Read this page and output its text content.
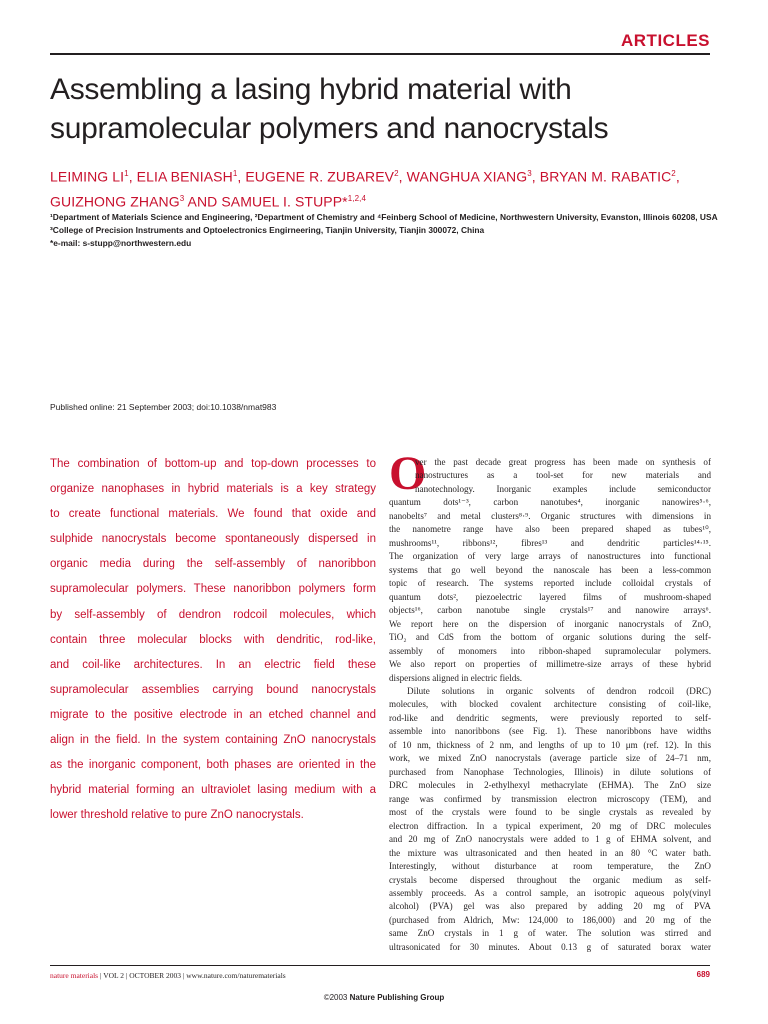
ARTICLES
Assembling a lasing hybrid material with
supramolecular polymers and nanocrystals
LEIMING $LI^1$, ELIA BENIASH$^1$, EUGENE R. ZUBAREV$^2$, WANGHUA XIANG$^3$, BRYAN M. RABATIC$^2$,
GUIZHONG ZHANG$^3$ AND SAMUEL I. STUPP*$^{1,2,4}$
¹Department of Materials Science and Engineering, ²Department of Chemistry and ⁴Feinberg School of Medicine, Northwestern University, Evanston, Illinois 60208, USA
³College of Precision Instruments and Optoelectronics Engirneering, Tianjin University, Tianjin 300072, China
*e-mail: s-stupp@northwestern.edu
Published online: 21 September 2003; doi:10.1038/nmat983
The combination of bottom-up and top-down processes to
organize nanophases in hybrid materials is a key strategy
to create functional materials. We found that oxide and
sulphide nanocrystals become spontaneously dispersed in
organic media during the self-assembly of nanoribbon
supramolecular polymers. These nanoribbon polymers form
by self-assembly of dendron rodcoil molecules, which
contain three molecular blocks with dendritic, rod-like,
and coil-like architectures. In an electric field these
supramolecular assemblies carrying bound nanocrystals
migrate to the positive electrode in an etched channel and
align in the field. In the system containing ZnO nanocrystals
as the inorganic component, both phases are oriented in the
hybrid material forming an ultraviolet lasing medium with a
lower threshold relative to pure ZnO nanocrystals.
O
ver the past decade great progress has been made on synthesis of
nanostructures as a tool-set for new materials and
nanotechnology. Inorganic examples include semiconductor
quantum dots¹⁻³, carbon nanotubes⁴, inorganic nanowires⁵·⁶,
nanobelts⁷ and metal clusters⁸·⁹. Organic structures with dimensions in
the nanometre range have also been prepared shaped as tubes¹⁰,
mushrooms¹¹, ribbons¹², fibres¹³ and dendritic particles¹⁴·¹⁵.
The organization of very large arrays of nanostructures into functional
systems that go well beyond the nanoscale has been a less-common
topic of research. The systems reported include colloidal crystals of
quantum dots², piezoelectric layered films of mushroom-shaped
objects¹⁶, carbon nanotube single crystals¹⁷ and nanowire arrays⁶.
We report here on the dispersion of inorganic nanocrystals of ZnO,
TiO₂ and CdS from the bottom of organic solutions during the self-
assembly of monomers into ribbon-shaped supramolecular polymers.
We also report on properties of millimetre-size arrays of these hybrid
dispersions aligned in electric fields.
Dilute solutions in organic solvents of dendron rodcoil (DRC)
molecules, with blocked covalent architecture consisting of coil-like,
rod-like and dendritic segments, were previously reported to self-
assemble into nanoribbons (see Fig. 1). These nanoribbons have widths
of 10 nm, thickness of 2 nm, and lengths of up to 10 μm (ref. 12). In this
work, we mixed ZnO nanocrystals (average particle size of 24–71 nm,
purchased from Nanophase Technologies, Illinois) in dilute solutions of
DRC molecules in 2-ethylhexyl methacrylate (EHMA). The ZnO size
range was confirmed by transmission electron microscopy (TEM), and
most of the crystals were found to be single crystals as revealed by
electron diffraction. In a typical experiment, 20 mg of DRC molecules
and 20 mg of ZnO nanocrystals were added to 1 g of EHMA solvent, and
the mixture was ultrasonicated and then heated in an 80 °C water bath.
Interestingly, without disturbance at room temperature, the ZnO
crystals become dispersed throughout the organic medium as self-
assembly proceeds. As a control sample, an isotropic aqueous poly(vinyl
alcohol) (PVA) gel was also prepared by adding 20 mg of PVA
(purchased from Aldrich, Mw: 124,000 to 186,000) and 20 mg of the
same ZnO crystals in 1 g of water. The solution was stirred and
ultrasonicated for 30 minutes. About 0.13 g of saturated borax water
nature materials | VOL 2 | OCTOBER 2003 | www.nature.com/naturematerials	689
©2003 Nature Publishing Group
